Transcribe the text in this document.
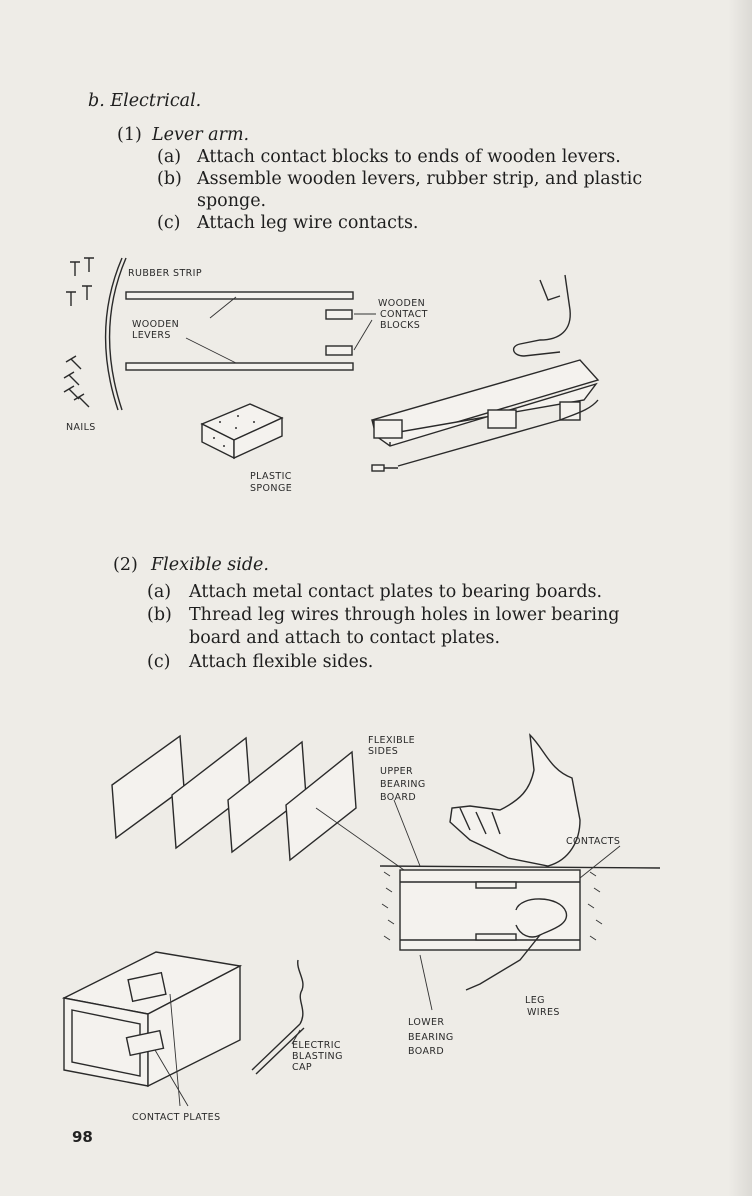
b. Electrical.
(1) Lever arm.
(a) Attach contact blocks to ends of wooden levers.
(b) Assemble wooden levers, rubber strip, and plastic
sponge.
(c) Attach leg wire contacts.
RUBBER STRIP
WOODEN
LEVERS
NAILS
WOODEN
CONTACT
BLOCKS
PLASTIC
SPONGE
(2) Flexible side.
(a) Attach metal contact plates to bearing boards.
(b) Thread leg wires through holes in lower bearing
board and attach to contact plates.
(c) Attach flexible sides.
FLEXIBLE
SIDES
UPPER
BEARING
BOARD
CONTACTS
LEG
WIRES
LOWER
BEARING
BOARD
ELECTRIC
BLASTING
CAP
CONTACT PLATES
98
